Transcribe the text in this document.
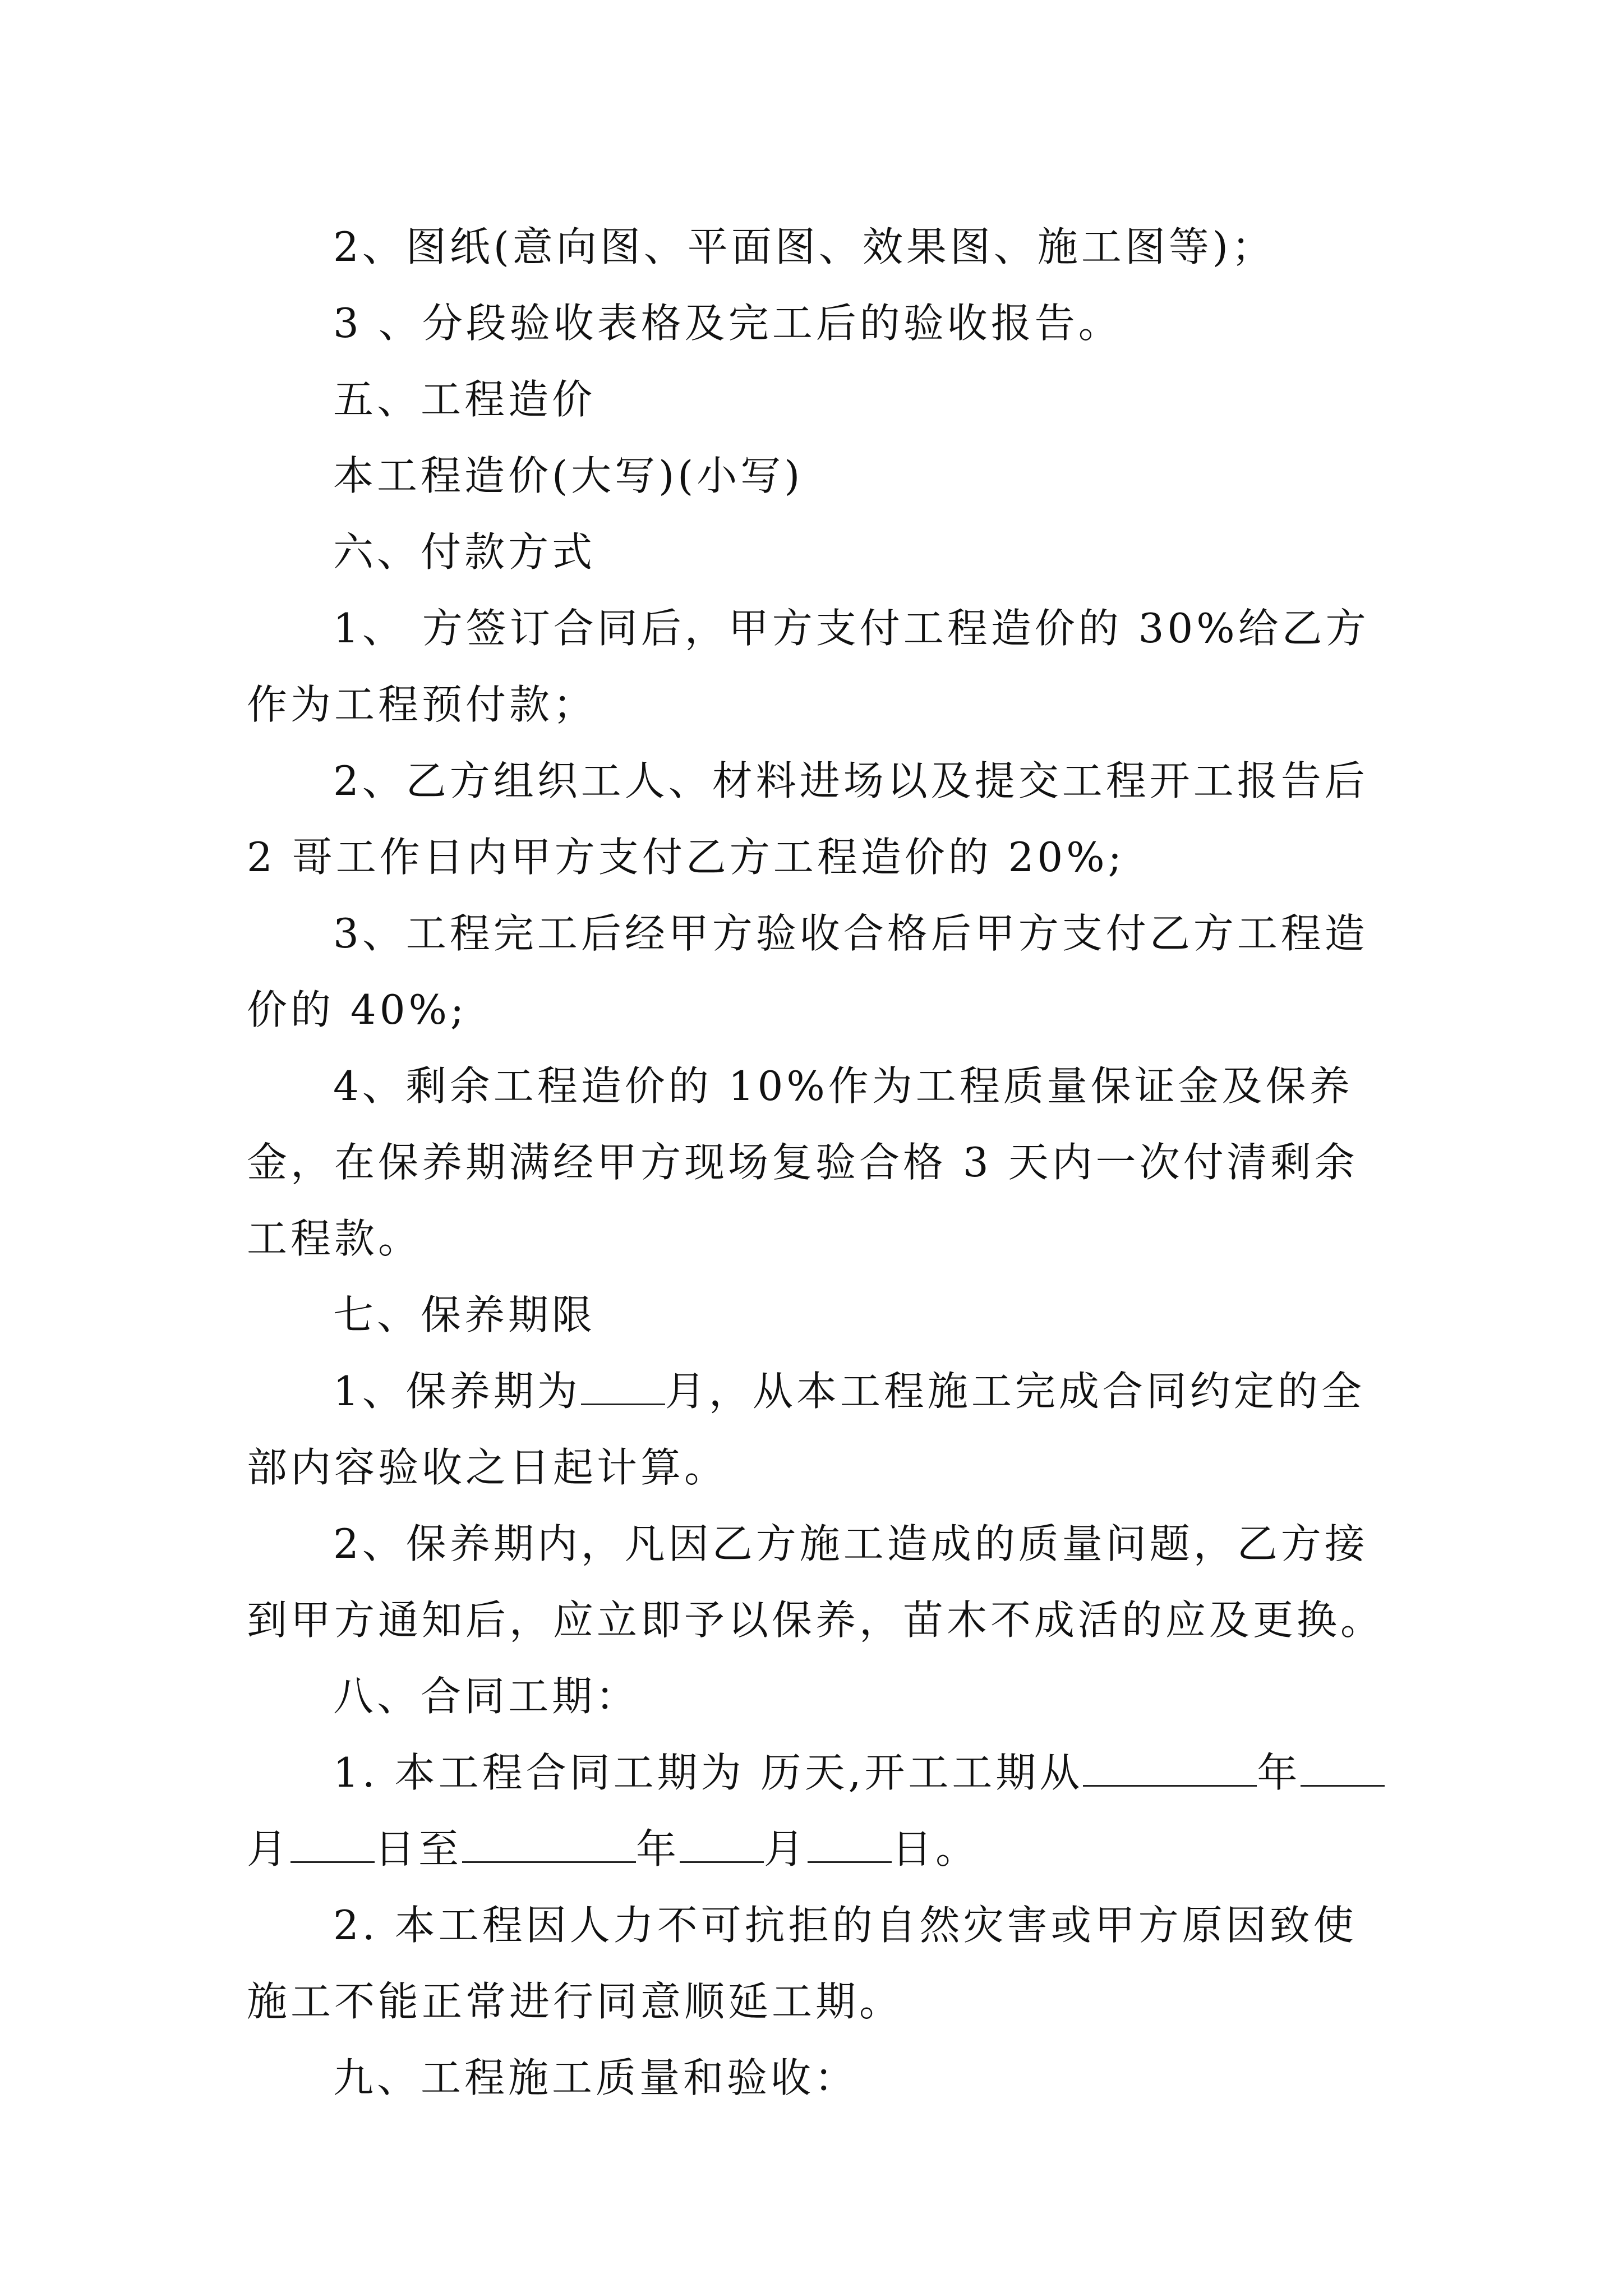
2、图纸(意向图、平面图、效果图、施工图等)；

3 、分段验收表格及完工后的验收报告。

五、工程造价

本工程造价(大写)(小写)

六、付款方式

1、 方签订合同后，甲方支付工程造价的 30%给乙方作为工程预付款；

2、乙方组织工人、材料进场以及提交工程开工报告后 2 哥工作日内甲方支付乙方工程造价的 20%;

3、工程完工后经甲方验收合格后甲方支付乙方工程造价的 40%;

4、剩余工程造价的 10%作为工程质量保证金及保养金，在保养期满经甲方现场复验合格 3 天内一次付清剩余工程款。

七、保养期限

1、保养期为 月，从本工程施工完成合同约定的全部内容验收之日起计算。

2、保养期内，凡因乙方施工造成的质量问题，乙方接到甲方通知后，应立即予以保养，苗木不成活的应及更换。

八、合同工期：

1. 本工程合同工期为 历天,开工工期从	年月 日至	年 月 日。

2. 本工程因人力不可抗拒的自然灾害或甲方原因致使施工不能正常进行同意顺延工期。

九、工程施工质量和验收：
